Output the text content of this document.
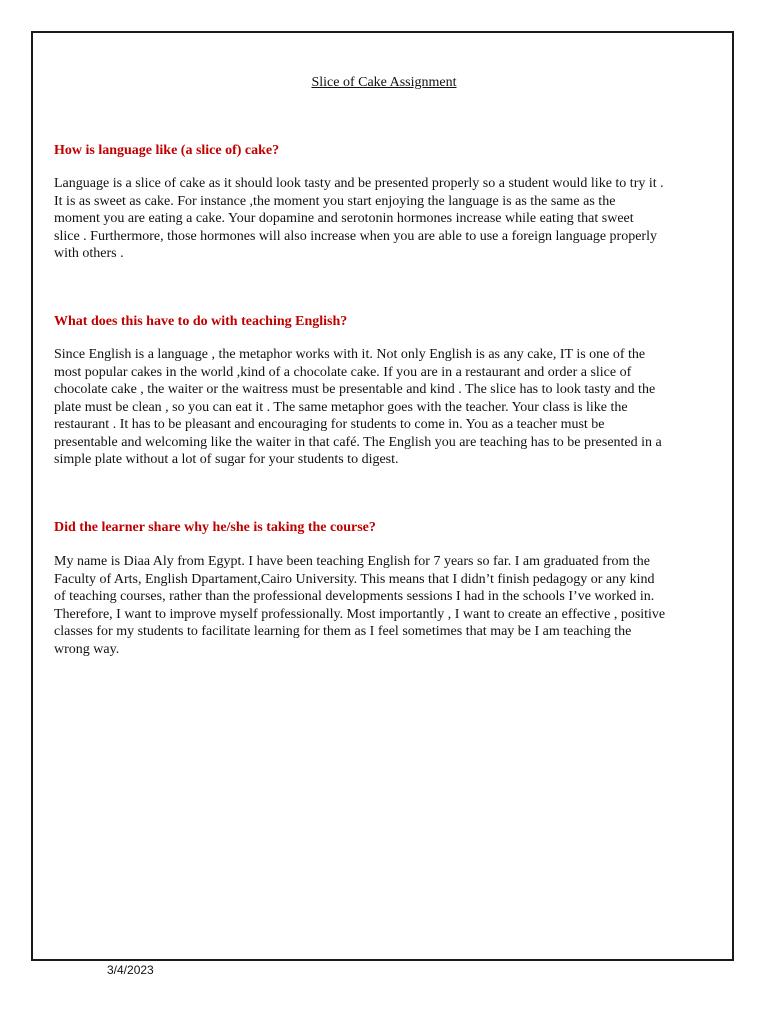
Slice of Cake Assignment
How is language like (a slice of) cake?
Language is a slice of cake as it should look tasty and be presented properly so a student would like to try it .
It is as sweet as cake. For instance ,the moment you start enjoying the language is as the same as the
moment you are eating a cake. Your dopamine and serotonin hormones increase while eating that sweet
slice . Furthermore, those hormones will also increase when you are able to use a foreign language properly
with others .
What does this have to do with teaching English?
Since English is a language , the metaphor works with it. Not only English is as any cake, IT is one of the
most popular cakes in the world ,kind of a chocolate cake. If you are in a restaurant and order a slice of
chocolate cake , the waiter or the waitress must be presentable and kind . The slice has to look tasty and the
plate must be clean , so you can eat it . The same metaphor goes with the teacher. Your class is like the
restaurant . It has to be pleasant and encouraging for students to come in. You as a teacher must be
presentable and welcoming like the waiter in that café. The English you are teaching has to be presented in a
simple plate without a lot of sugar for your students to digest.
Did the learner share why he/she is taking the course?
My name is Diaa Aly from Egypt. I have been teaching English for 7 years so far. I am graduated from the
Faculty of Arts, English Dpartament,Cairo University. This means that I didn’t finish pedagogy or any kind
of teaching courses, rather than the professional developments sessions I had in the schools I’ve worked in.
Therefore, I want to improve myself professionally. Most importantly , I want to create an effective , positive
classes for my students to facilitate learning for them as I feel sometimes that may be I am teaching the
wrong way.
3/4/2023
